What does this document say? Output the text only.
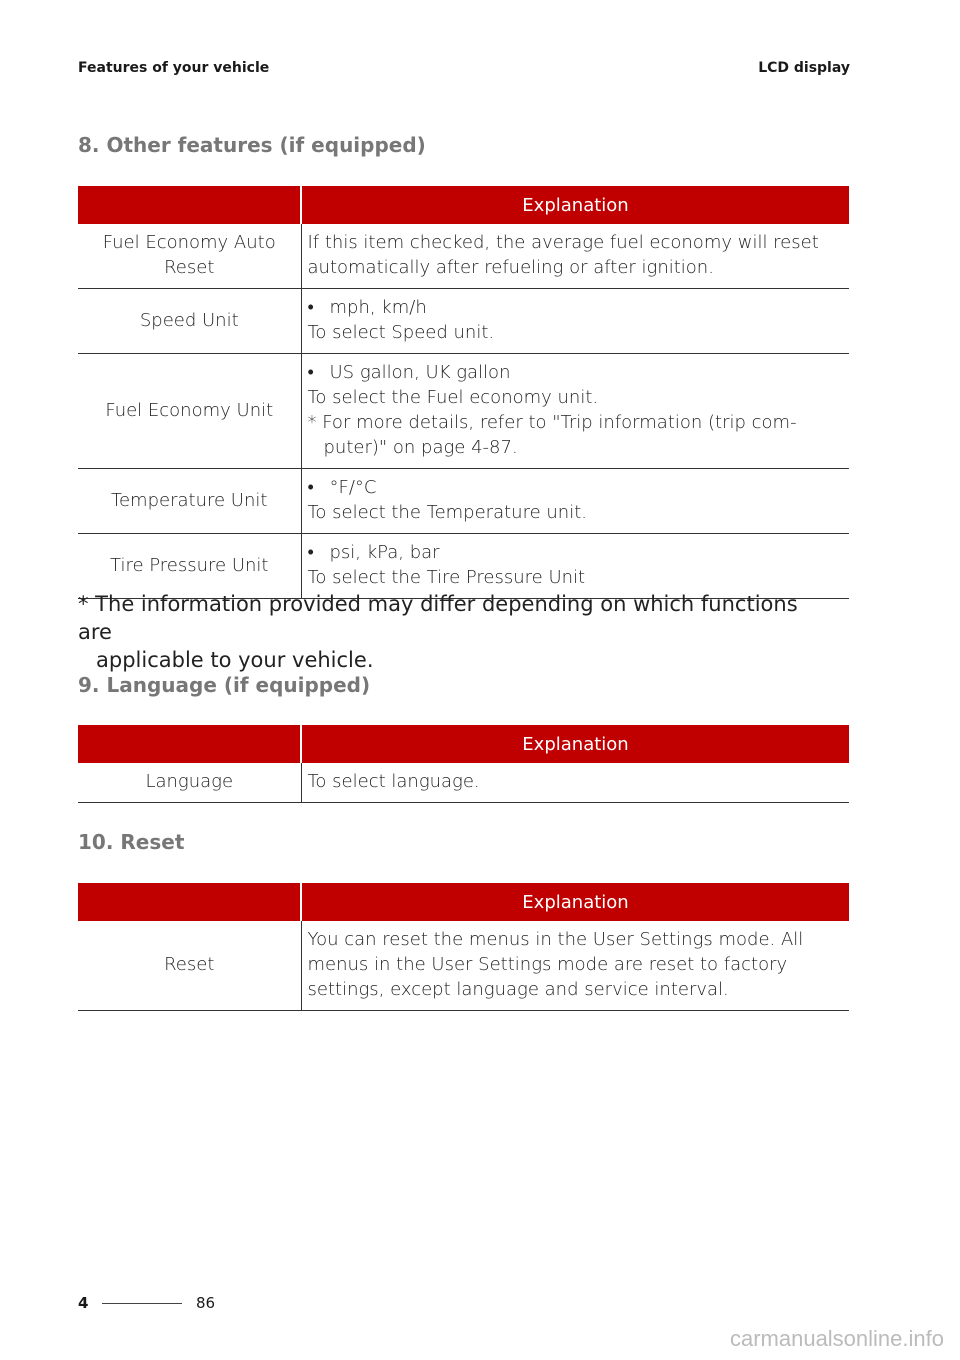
Features of your vehicle	LCD display
8. Other features (if equipped)
	Explanation
Fuel Economy Auto Reset	If this item checked, the average fuel economy will reset automatically after refueling or after ignition.
Speed Unit	• mph, km/h
To select Speed unit.

Fuel Economy Unit	• US gallon, UK gallon
To select the Fuel economy unit.
* For more details, refer to "Trip information (trip com-
puter)" on page 4-87.

Temperature Unit	• °F/°C
To select the Temperature unit.

Tire Pressure Unit	• psi, kPa, bar
To select the Tire Pressure Unit
* The information provided may differ depending on which functions are
applicable to your vehicle.
9. Language (if equipped)
	Explanation
Language	To select language.
10. Reset
	Explanation
Reset	You can reset the menus in the User Settings mode. All menus in the User Settings mode are reset to factory settings, except language and service interval.
4	86
carmanualsonline.info
